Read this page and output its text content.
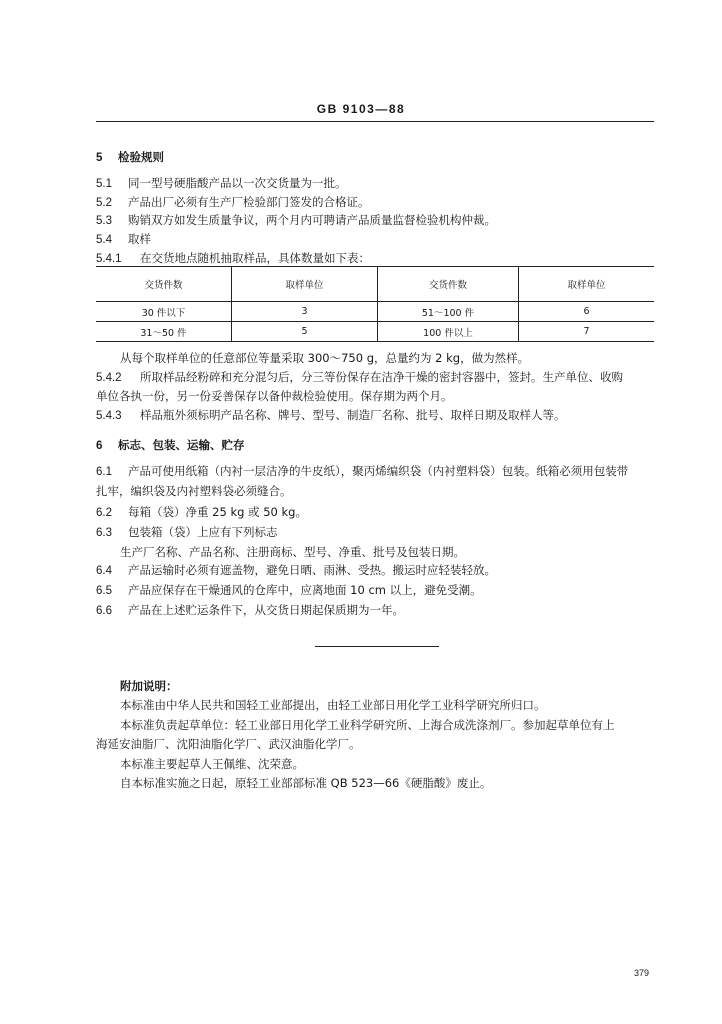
GB 9103—88
5 检验规则
5.1 同一型号硬脂酸产品以一次交货量为一批。
5.2 产品出厂必须有生产厂检验部门签发的合格证。
5.3 购销双方如发生质量争议，两个月内可聘请产品质量监督检验机构仲裁。
5.4 取样
5.4.1 在交货地点随机抽取样品，具体数量如下表：
交货件数	取样单位	交货件数	取样单位
30 件以下	3	51～100 件	6
31～50 件	5	100 件以上	7
从每个取样单位的任意部位等量采取 300～750 g，总量约为 2 kg，做为然样。
5.4.2 所取样品经粉碎和充分混匀后，分三等份保存在洁净干燥的密封容器中，签封。生产单位、收购
单位各执一份，另一份妥善保存以备仲裁检验使用。保存期为两个月。
5.4.3 样品瓶外须标明产品名称、牌号、型号、制造厂名称、批号、取样日期及取样人等。
6 标志、包装、运输、贮存
6.1 产品可使用纸箱（内衬一层洁净的牛皮纸），聚丙烯编织袋（内衬塑料袋）包装。纸箱必须用包装带
扎牢，编织袋及内衬塑料袋必须缝合。
6.2 每箱（袋）净重 25 kg 或 50 kg。
6.3 包装箱（袋）上应有下列标志
生产厂名称、产品名称、注册商标、型号、净重、批号及包装日期。
6.4 产品运输时必须有遮盖物，避免日晒、雨淋、受热。搬运时应轻装轻放。
6.5 产品应保存在干燥通风的仓库中，应离地面 10 cm 以上，避免受潮。
6.6 产品在上述贮运条件下，从交货日期起保质期为一年。
附加说明：
本标准由中华人民共和国轻工业部提出，由轻工业部日用化学工业科学研究所归口。
本标准负责起草单位：轻工业部日用化学工业科学研究所、上海合成洗涤剂厂。参加起草单位有上
海延安油脂厂、沈阳油脂化学厂、武汉油脂化学厂。
本标准主要起草人王佩维、沈荣意。
自本标准实施之日起，原轻工业部部标准 QB 523—66《硬脂酸》废止。
379
